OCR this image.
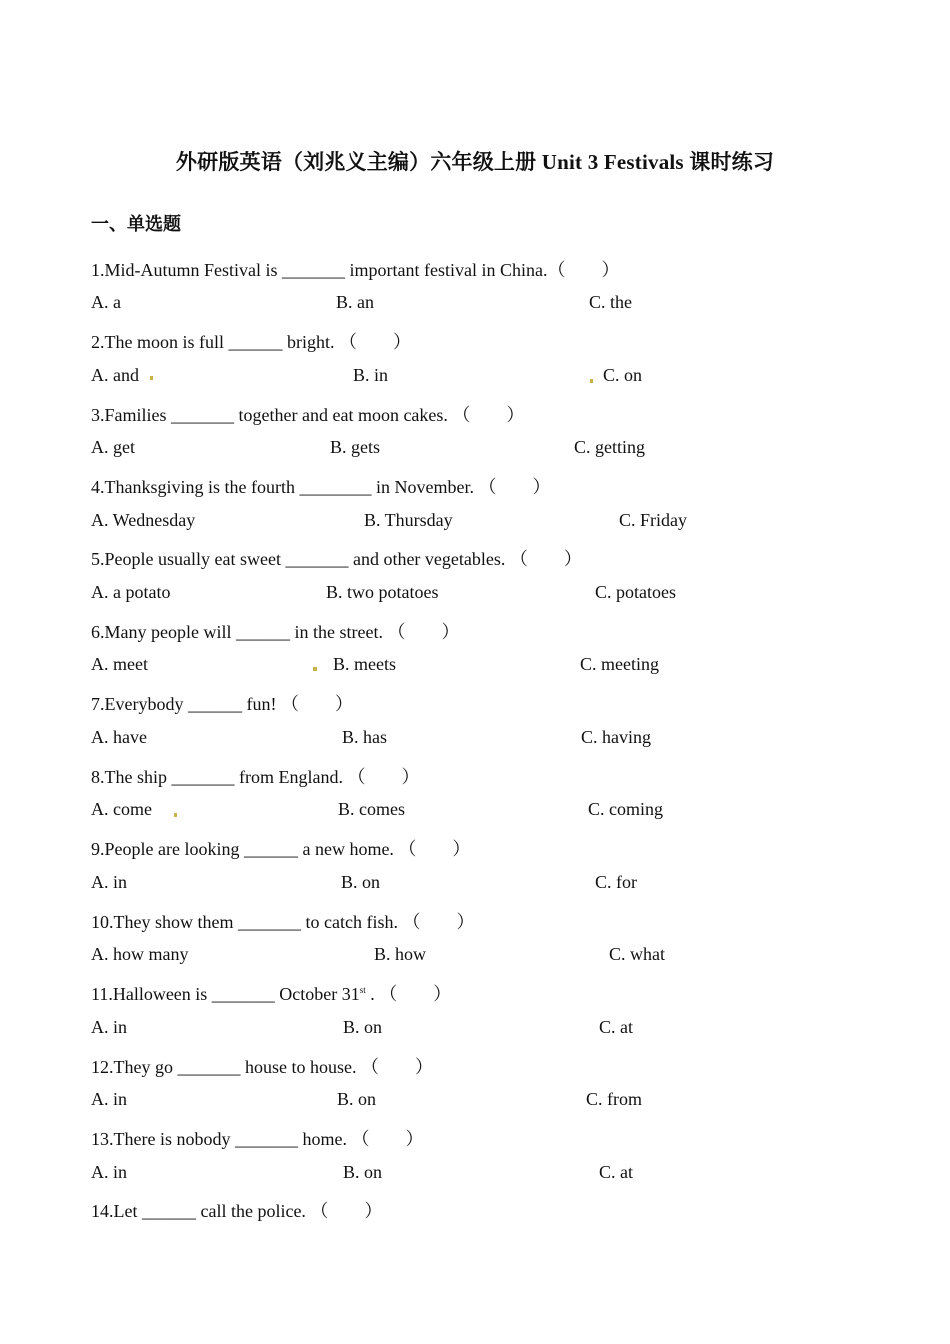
外研版英语（刘兆义主编）六年级上册 Unit 3 Festivals 课时练习
一、单选题
1.Mid-Autumn Festival is _______ important festival in China.（　　）
A. a	B. an	C. the
2.The moon is full ______ bright. （　　）
A. and	B. in	C. on
3.Families _______ together and eat moon cakes. （　　）
A. get	B. gets	C. getting
4.Thanksgiving is the fourth ________ in November. （　　）
A. Wednesday	B. Thursday	C. Friday
5.People usually eat sweet _______ and other vegetables. （　　）
A. a potato	B. two potatoes	C. potatoes
6.Many people will ______ in the street. （　　）
A. meet	B. meets	C. meeting
7.Everybody ______ fun! （　　）
A. have	B. has	C. having
8.The ship _______ from England. （　　）
A. come	B. comes	C. coming
9.People are looking ______ a new home. （　　）
A. in	B. on	C. for
10.They show them _______ to catch fish. （　　）
A. how many	B. how	C. what
11.Halloween is _______ October 31st . （　　）
A. in	B. on	C. at
12.They go _______ house to house. （　　）
A. in	B. on	C. from
13.There is nobody _______ home. （　　）
A. in	B. on	C. at
14.Let ______ call the police. （　　）
